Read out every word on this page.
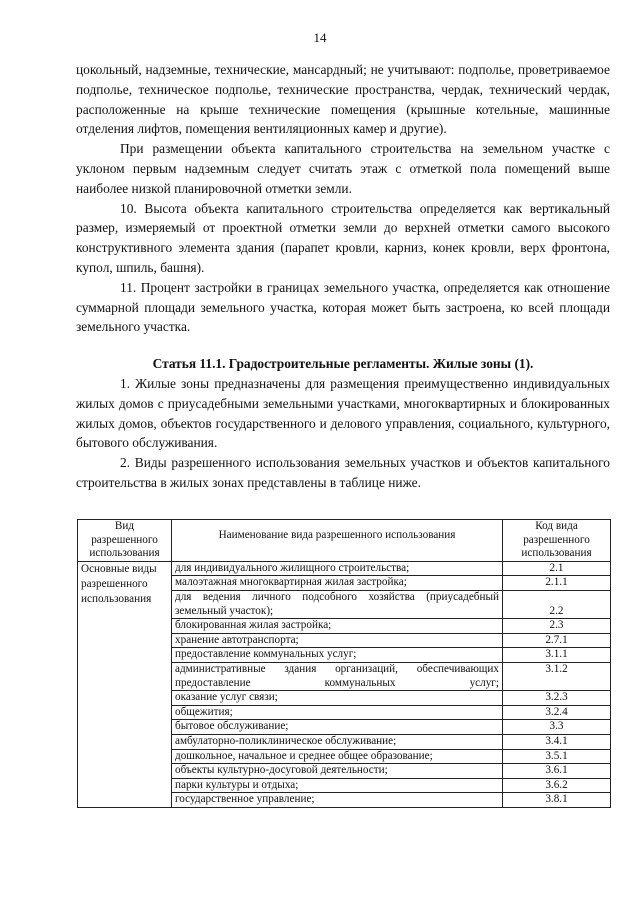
14

цокольный, надземные, технические, мансардный; не учитывают: подполье, проветриваемое подполье, техническое подполье, технические пространства, чердак, технический чердак, расположенные на крыше технические помещения (крышные котельные, машинные отделения лифтов, помещения вентиляционных камер и другие).

При размещении объекта капитального строительства на земельном участке с уклоном первым надземным следует считать этаж с отметкой пола помещений выше наиболее низкой планировочной отметки земли.

10. Высота объекта капитального строительства определяется как вертикальный размер, измеряемый от проектной отметки земли до верхней отметки самого высокого конструктивного элемента здания (парапет кровли, карниз, конек кровли, верх фронтона, купол, шпиль, башня).

11. Процент застройки в границах земельного участка, определяется как отношение суммарной площади земельного участка, которая может быть застроена, ко всей площади земельного участка.

Статья 11.1. Градостроительные регламенты. Жилые зоны (1).

1. Жилые зоны предназначены для размещения преимущественно индивидуальных жилых домов с приусадебными земельными участками, многоквартирных и блокированных жилых домов, объектов государственного и делового управления, социального, культурного, бытового обслуживания.

2. Виды разрешенного использования земельных участков и объектов капитального строительства в жилых зонах представлены в таблице ниже.

Вид разрешенного использования	Наименование вида разрешенного использования	Код вида разрешенного использования
Основные виды разрешенного использования	для индивидуального жилищного строительства;	2.1
	малоэтажная многоквартирная жилая застройка;	2.1.1
	для ведения личного подсобного хозяйства (приусадебный земельный участок);	2.2
	блокированная жилая застройка;	2.3
	хранение автотранспорта;	2.7.1
	предоставление коммунальных услуг;	3.1.1
	административные здания организаций, обеспечивающих предоставление коммунальных услуг;	3.1.2
	оказание услуг связи;	3.2.3
	общежития;	3.2.4
	бытовое обслуживание;	3.3
	амбулаторно-поликлиническое обслуживание;	3.4.1
	дошкольное, начальное и среднее общее образование;	3.5.1
	объекты культурно-досуговой деятельности;	3.6.1
	парки культуры и отдыха;	3.6.2
	государственное управление;	3.8.1
